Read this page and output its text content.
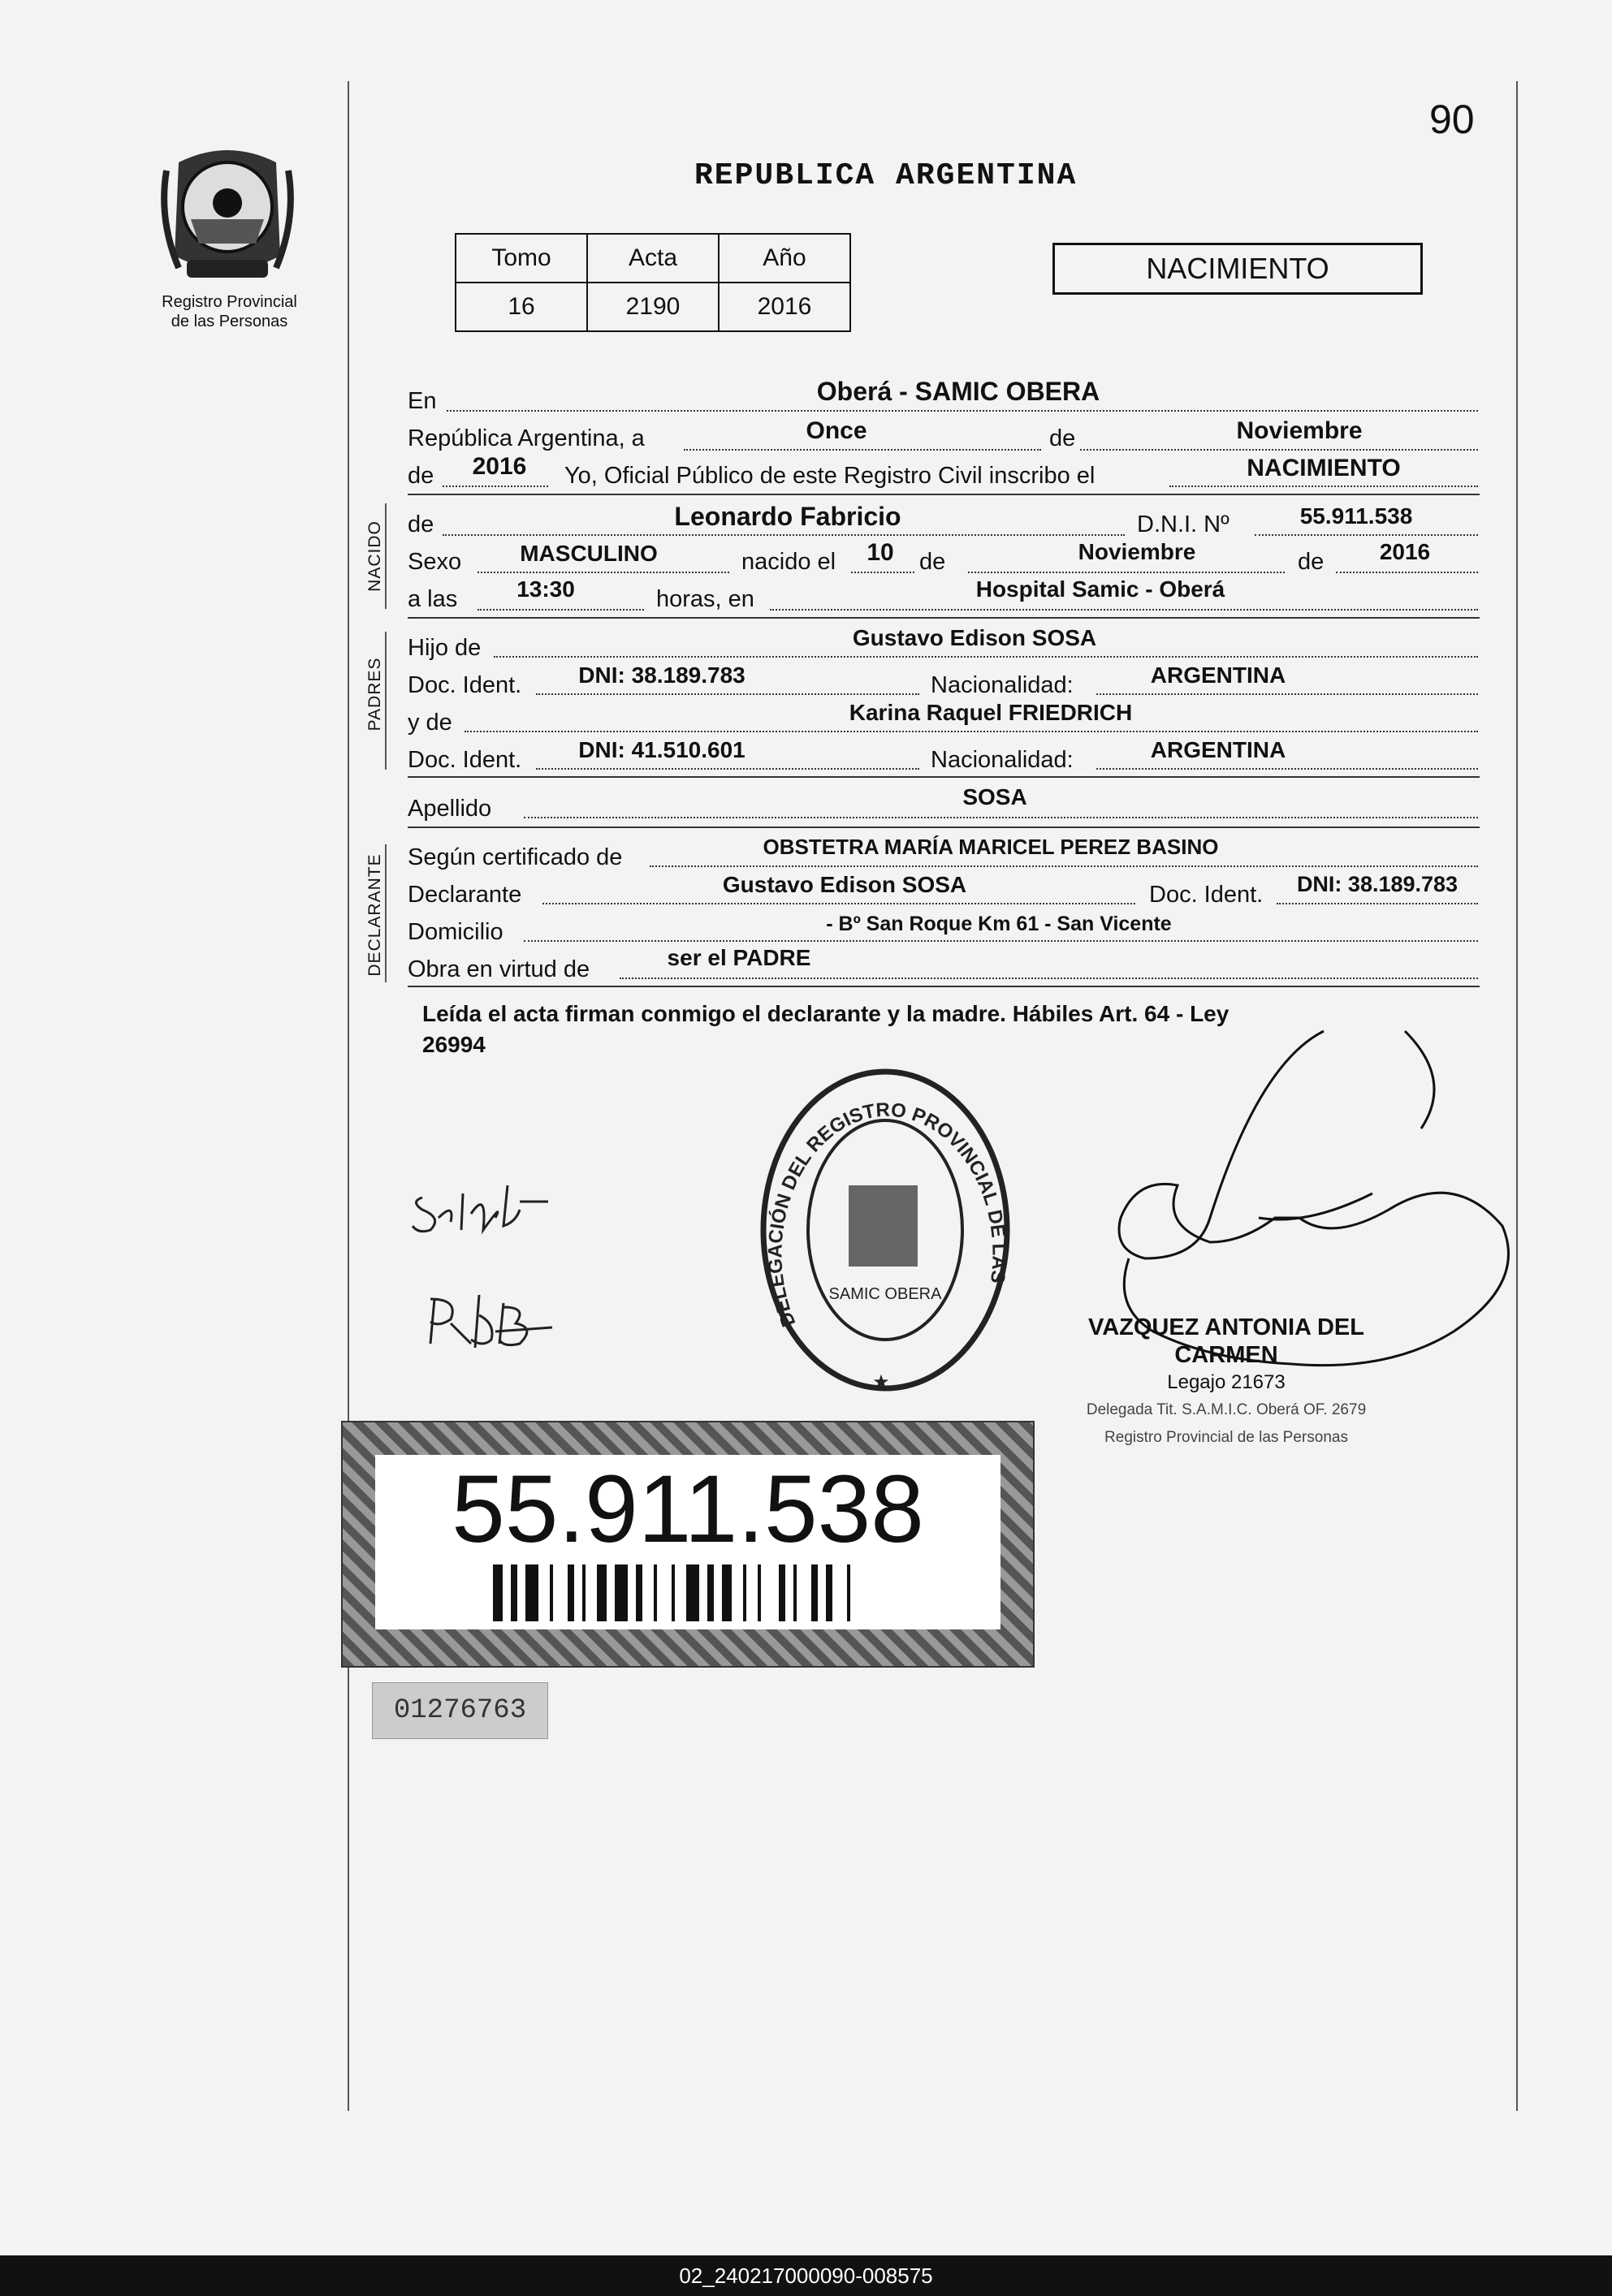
90
Registro Provincial
de las Personas
REPUBLICA ARGENTINA
Tomo	Acta	Año
16	2190	2016
NACIMIENTO
En	Oberá - SAMIC OBERA
República Argentina, a	Once	de	Noviembre
de	2016	Yo, Oficial Público de este Registro Civil inscribo el	NACIMIENTO
NACIDO de	Leonardo Fabricio	D.N.I. Nº	55.911.538
Sexo	MASCULINO	nacido el	10	de	Noviembre	de	2016
a las	13:30	horas, en	Hospital Samic - Oberá
PADRES
Hijo de	Gustavo Edison SOSA
Doc. Ident.	DNI: 38.189.783	Nacionalidad:	ARGENTINA
y de	Karina Raquel FRIEDRICH
Doc. Ident.	DNI: 41.510.601	Nacionalidad:	ARGENTINA
Apellido	SOSA
DECLARANTE Según certificado de	OBSTETRA MARÍA MARICEL PEREZ BASINO
Declarante	Gustavo Edison SOSA	Doc. Ident.	DNI: 38.189.783
Domicilio	- Bº San Roque Km 61 - San Vicente
Obra en virtud de	ser el PADRE
Leída el acta firman conmigo el declarante y la madre. Hábiles Art. 64 - Ley
26994
DELEGACIÓN DEL REGISTRO PROVINCIAL DE LAS
SAMIC OBERA
★
VAZQUEZ ANTONIA DEL CARMEN
Legajo 21673
Delegada Tit. S.A.M.I.C. Oberá OF. 2679
Registro Provincial de las Personas
55.911.538
01276763
02_240217000090-008575
